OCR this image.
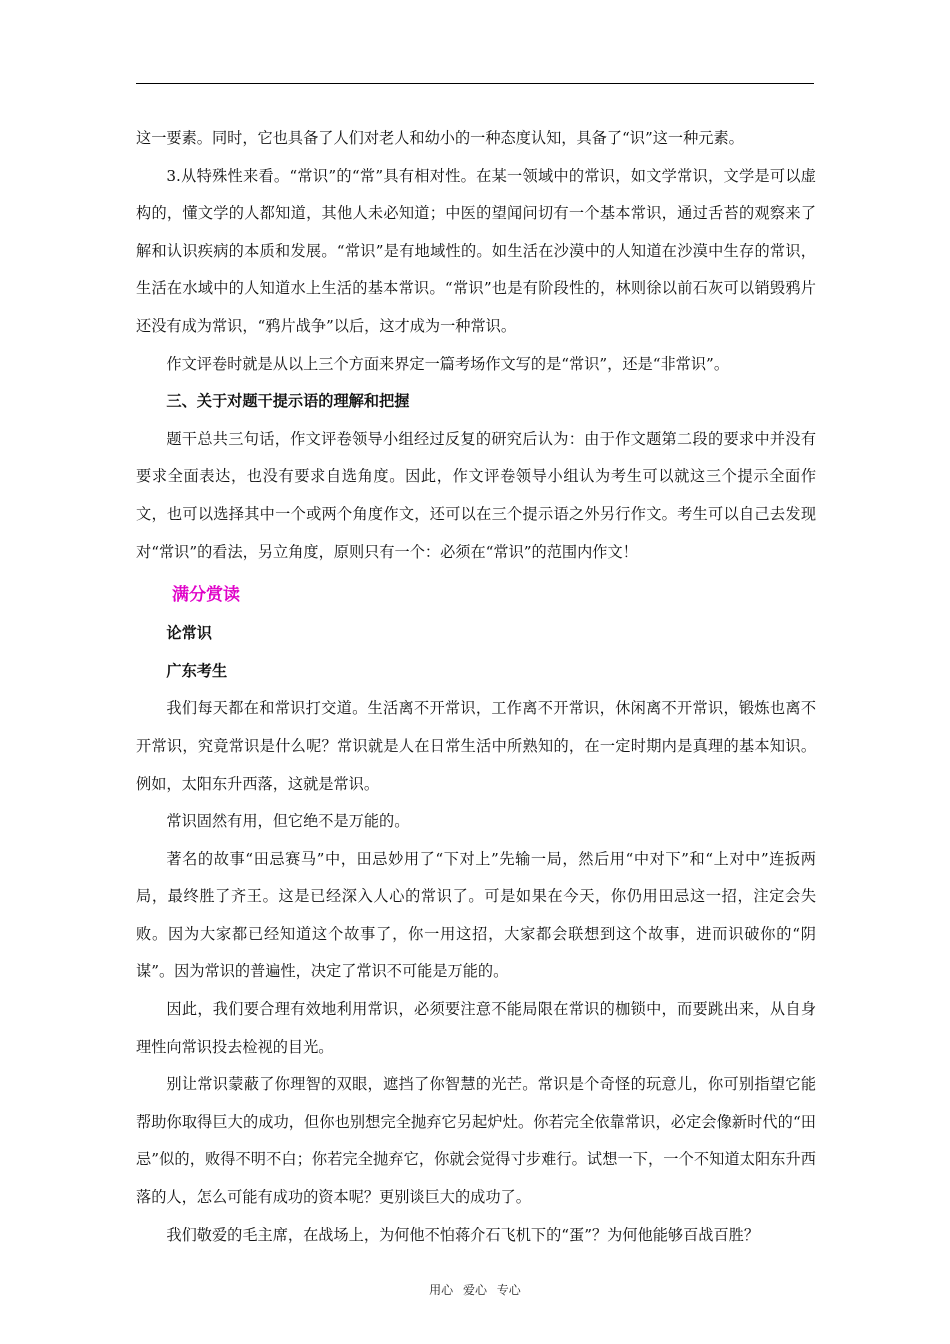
这一要素。同时，它也具备了人们对老人和幼小的一种态度认知，具备了“识”这一种元素。

3.从特殊性来看。“常识”的“常”具有相对性。在某一领域中的常识，如文学常识，文学是可以虚构的，懂文学的人都知道，其他人未必知道；中医的望闻问切有一个基本常识，通过舌苔的观察来了解和认识疾病的本质和发展。“常识”是有地域性的。如生活在沙漠中的人知道在沙漠中生存的常识，生活在水域中的人知道水上生活的基本常识。“常识”也是有阶段性的，林则徐以前石灰可以销毁鸦片还没有成为常识，“鸦片战争”以后，这才成为一种常识。

作文评卷时就是从以上三个方面来界定一篇考场作文写的是“常识”，还是“非常识”。

三、关于对题干提示语的理解和把握

题干总共三句话，作文评卷领导小组经过反复的研究后认为：由于作文题第二段的要求中并没有要求全面表达，也没有要求自选角度。因此，作文评卷领导小组认为考生可以就这三个提示全面作文，也可以选择其中一个或两个角度作文，还可以在三个提示语之外另行作文。考生可以自己去发现对“常识”的看法，另立角度，原则只有一个：必须在“常识”的范围内作文！

满分赏读

论常识

广东考生

我们每天都在和常识打交道。生活离不开常识，工作离不开常识，休闲离不开常识，锻炼也离不开常识，究竟常识是什么呢？常识就是人在日常生活中所熟知的，在一定时期内是真理的基本知识。例如，太阳东升西落，这就是常识。

常识固然有用，但它绝不是万能的。

著名的故事“田忌赛马”中，田忌妙用了“下对上”先输一局，然后用“中对下”和“上对中”连扳两局，最终胜了齐王。这是已经深入人心的常识了。可是如果在今天，你仍用田忌这一招，注定会失败。因为大家都已经知道这个故事了，你一用这招，大家都会联想到这个故事，进而识破你的“阴谋”。因为常识的普遍性，决定了常识不可能是万能的。

因此，我们要合理有效地利用常识，必须要注意不能局限在常识的枷锁中，而要跳出来，从自身理性向常识投去检视的目光。

别让常识蒙蔽了你理智的双眼，遮挡了你智慧的光芒。常识是个奇怪的玩意儿，你可别指望它能帮助你取得巨大的成功，但你也别想完全抛弃它另起炉灶。你若完全依靠常识，必定会像新时代的“田忌”似的，败得不明不白；你若完全抛弃它，你就会觉得寸步难行。试想一下，一个不知道太阳东升西落的人，怎么可能有成功的资本呢？更别谈巨大的成功了。

我们敬爱的毛主席，在战场上，为何他不怕蒋介石飞机下的“蛋”？为何他能够百战百胜？

用心 爱心 专心
